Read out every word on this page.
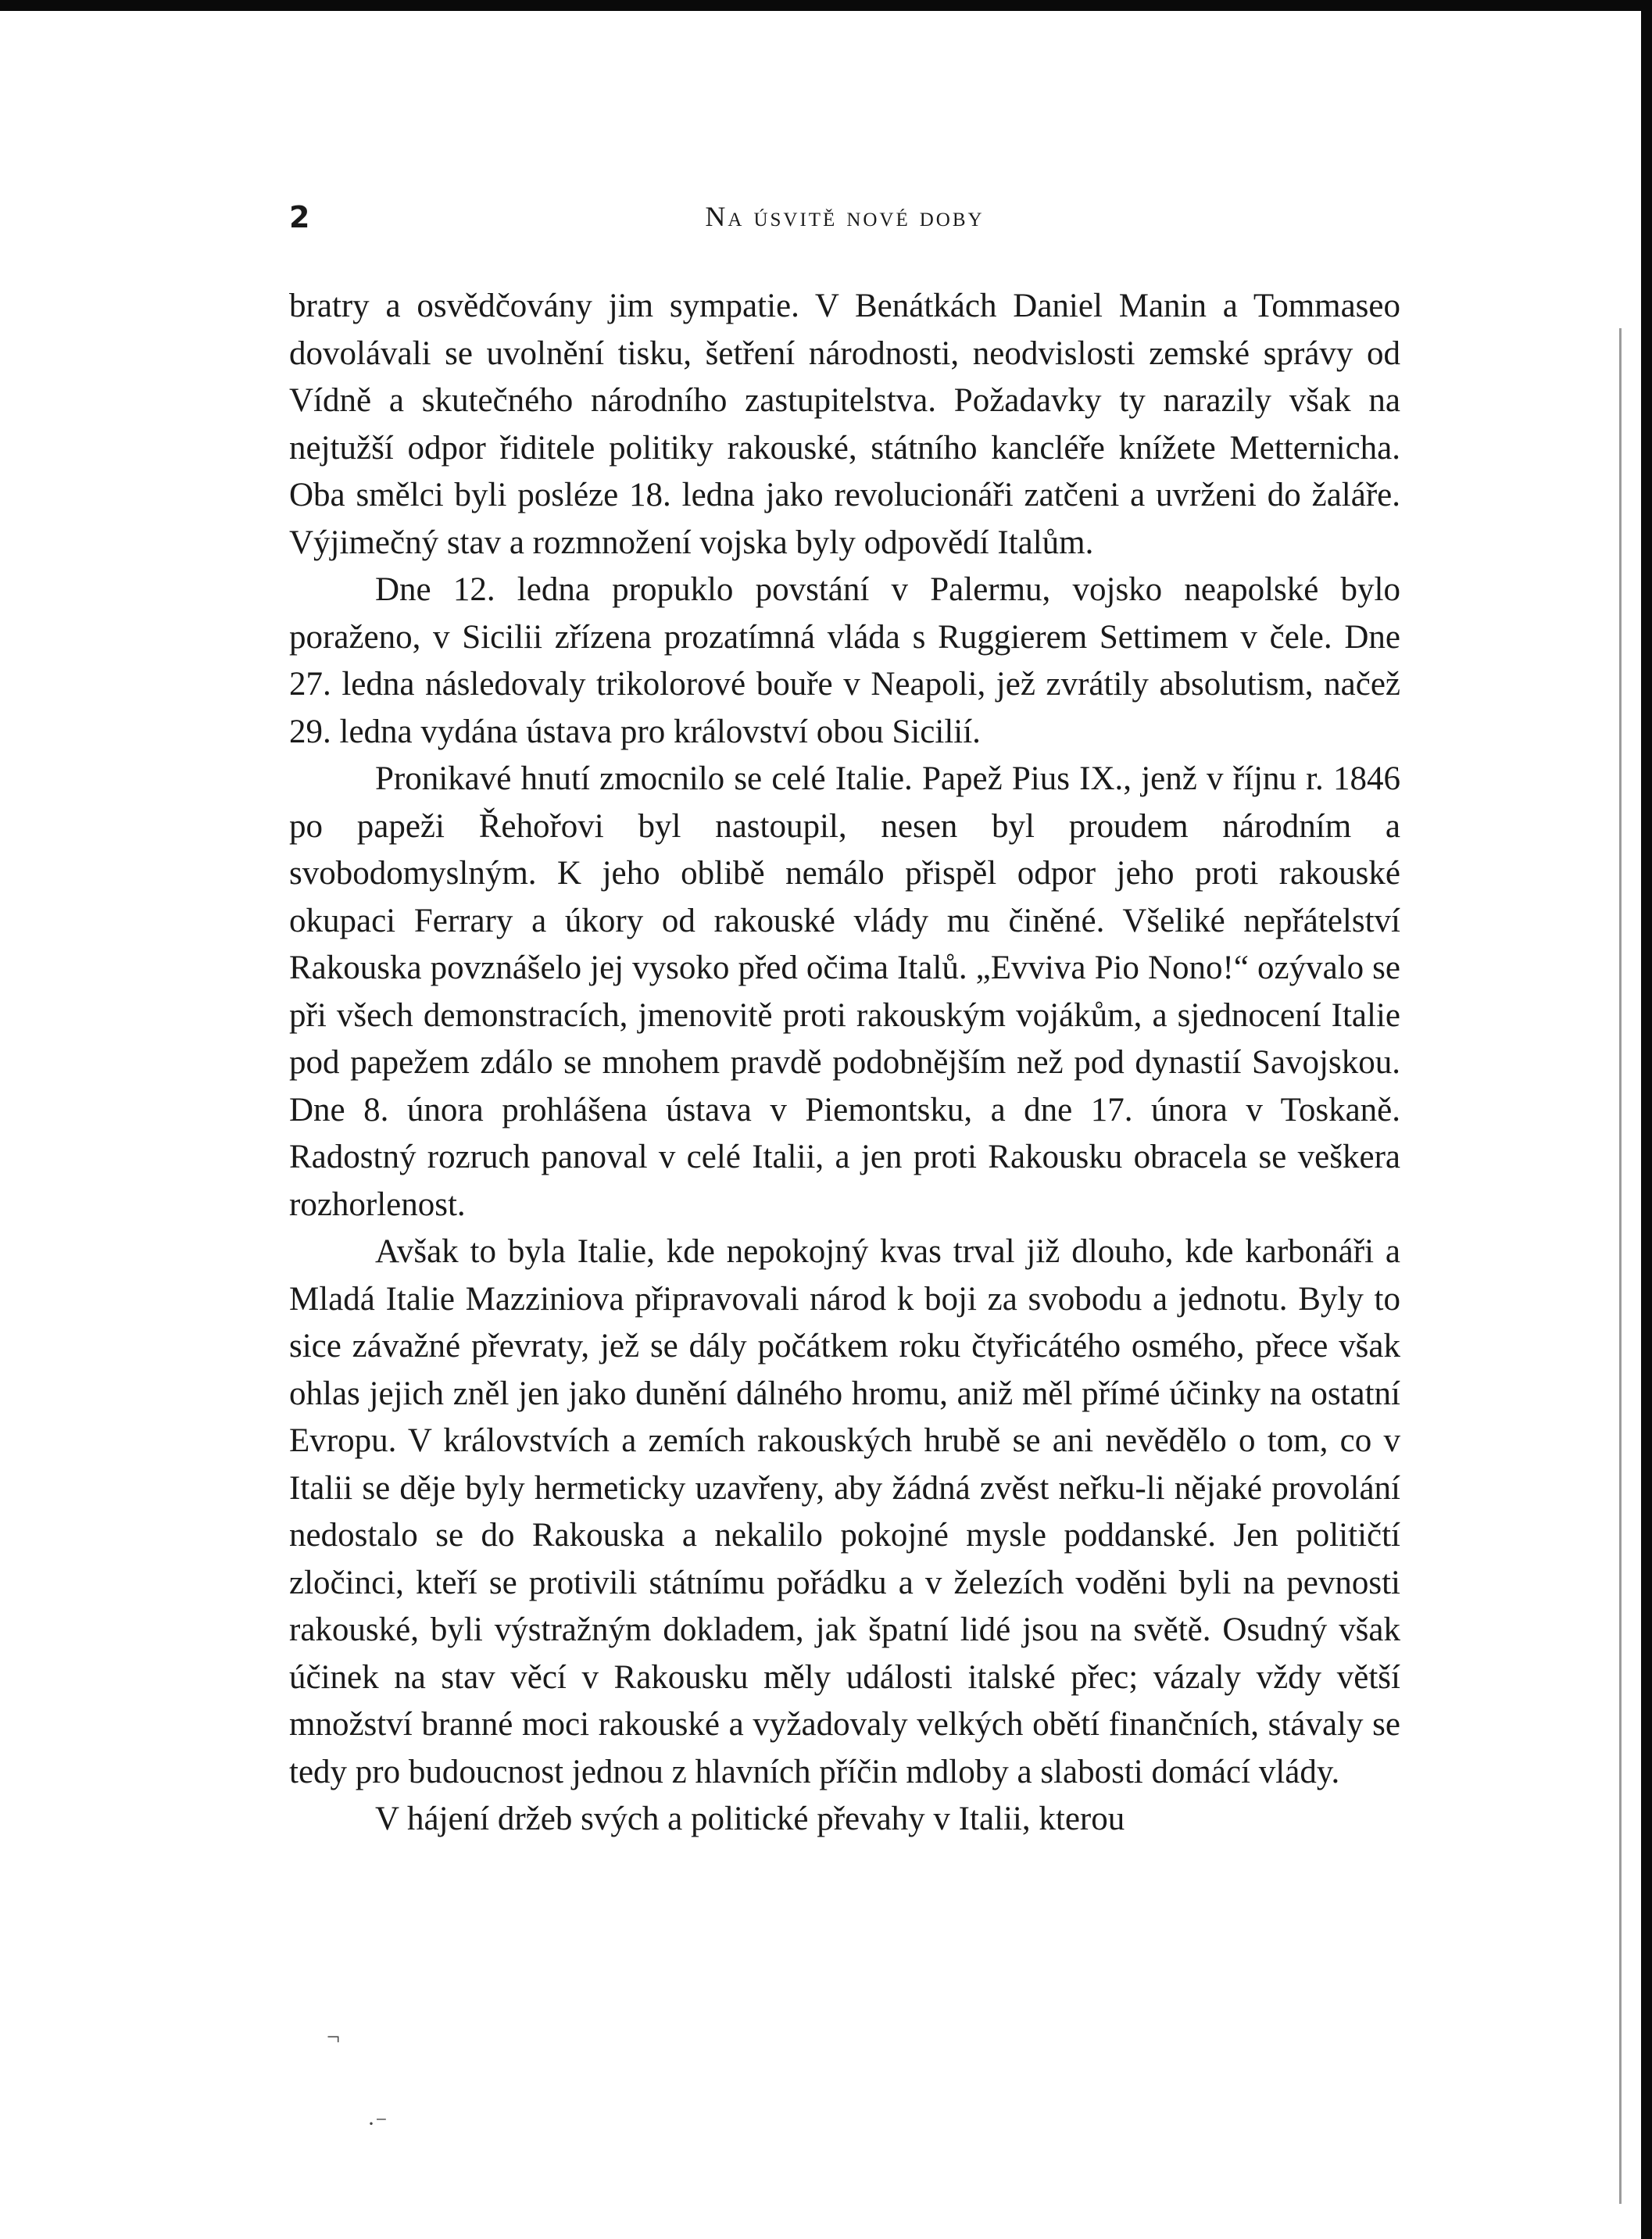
2	Na úsvitě nové doby

bratry a osvědčovány jim sympatie. V Benátkách Daniel Manin a Tommaseo dovolávali se uvolnění tisku, šetření národnosti, neodvislosti zemské správy od Vídně a skutečného národního zastupitelstva. Požadavky ty narazily však na nejtužší odpor řiditele politiky rakouské, státního kancléře knížete Metternicha. Oba smělci byli posléze 18. ledna jako revolucionáři zatčeni a uvrženi do žaláře. Výjimečný stav a rozmnožení vojska byly odpovědí Italům.

Dne 12. ledna propuklo povstání v Palermu, vojsko neapolské bylo poraženo, v Sicilii zřízena prozatímná vláda s Ruggierem Settimem v čele. Dne 27. ledna následovaly trikolorové bouře v Neapoli, jež zvrátily absolutism, načež 29. ledna vydána ústava pro království obou Sicilií.

Pronikavé hnutí zmocnilo se celé Italie. Papež Pius IX., jenž v říjnu r. 1846 po papeži Řehořovi byl nastoupil, nesen byl proudem národním a svobodomyslným. K jeho oblibě nemálo přispěl odpor jeho proti rakouské okupaci Ferrary a úkory od rakouské vlády mu činěné. Všeliké nepřátelství Rakouska povznášelo jej vysoko před očima Italů. „Evviva Pio Nono!“ ozývalo se při všech demonstracích, jmenovitě proti rakouským vojákům, a sjednocení Italie pod papežem zdálo se mnohem pravdě podobnějším než pod dynastií Savojskou. Dne 8. února prohlášena ústava v Piemontsku, a dne 17. února v Toskaně. Radostný rozruch panoval v celé Italii, a jen proti Rakousku obracela se veškera rozhorlenost.

Avšak to byla Italie, kde nepokojný kvas trval již dlouho, kde karbonáři a Mladá Italie Mazziniova připravovali národ k boji za svobodu a jednotu. Byly to sice závažné převraty, jež se dály počátkem roku čtyřicátého osmého, přece však ohlas jejich zněl jen jako dunění dálného hromu, aniž měl přímé účinky na ostatní Evropu. V královstvích a zemích rakouských hrubě se ani nevědělo o tom, co v Italii se děje byly hermeticky uzavřeny, aby žádná zvěst neřku-li nějaké provolání nedostalo se do Rakouska a nekalilo pokojné mysle poddanské. Jen političtí zločinci, kteří se protivili státnímu pořádku a v železích voděni byli na pevnosti rakouské, byli výstražným dokladem, jak špatní lidé jsou na světě. Osudný však účinek na stav věcí v Rakousku měly události italské přec; vázaly vždy větší množství branné moci rakouské a vyžadovaly velkých obětí finančních, stávaly se tedy pro budoucnost jednou z hlavních příčin mdloby a slabosti domácí vlády.

V hájení držeb svých a politické převahy v Italii, kterou

¬
·⁻
